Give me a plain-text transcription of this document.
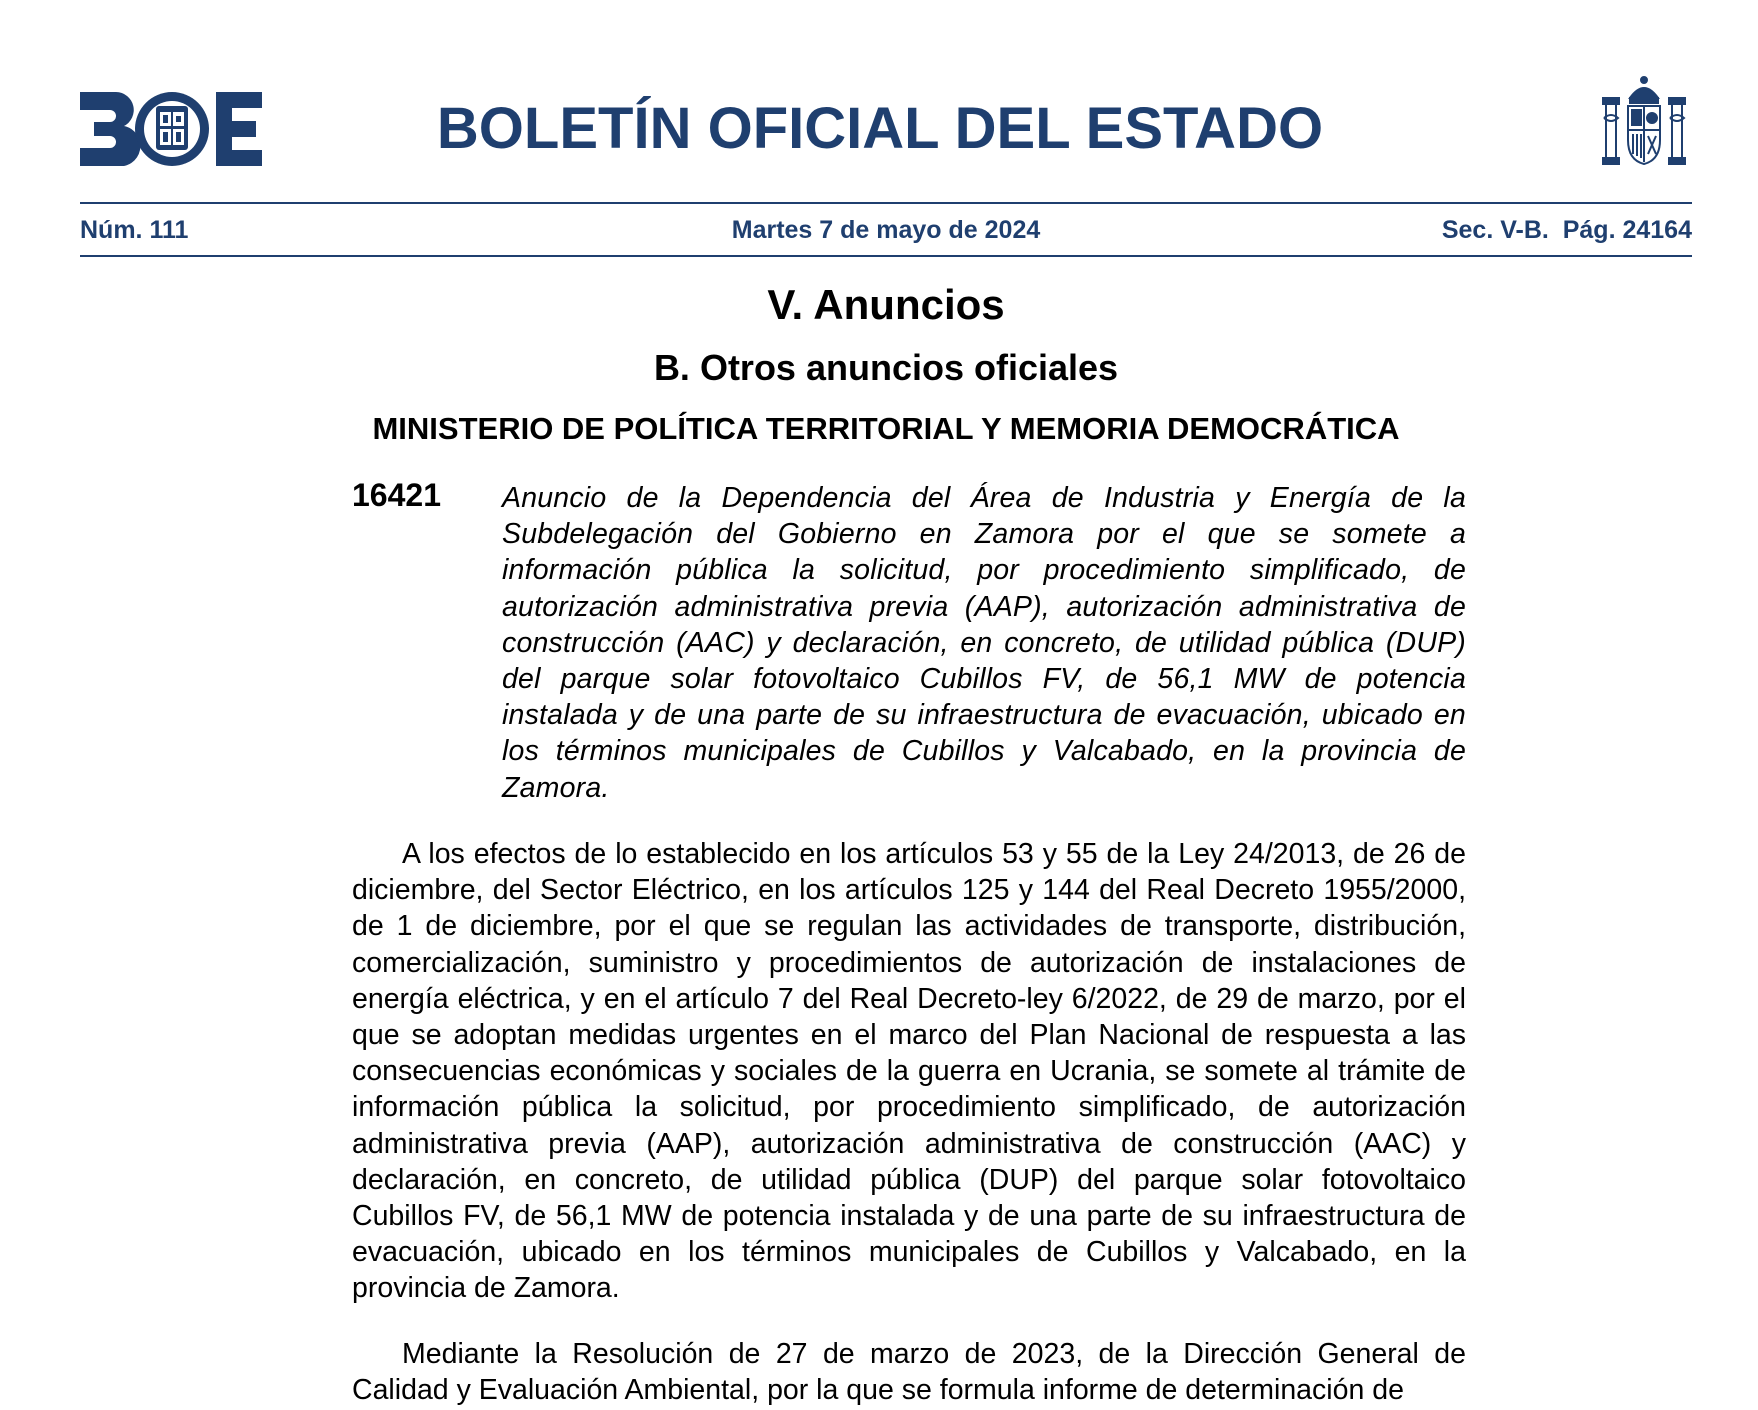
BOLETÍN OFICIAL DEL ESTADO
Martes 7 de mayo de 2024
Núm. 111	Sec. V-B.  Pág. 24164
V. Anuncios
B. Otros anuncios oficiales
MINISTERIO DE POLÍTICA TERRITORIAL Y MEMORIA DEMOCRÁTICA
16421 Anuncio de la Dependencia del Área de Industria y Energía de la Subdelegación del Gobierno en Zamora por el que se somete a información pública la solicitud, por procedimiento simplificado, de autorización administrativa previa (AAP), autorización administrativa de construcción (AAC) y declaración, en concreto, de utilidad pública (DUP) del parque solar fotovoltaico Cubillos FV, de 56,1 MW de potencia instalada y de una parte de su infraestructura de evacuación, ubicado en los términos municipales de Cubillos y Valcabado, en la provincia de Zamora.

A los efectos de lo establecido en los artículos 53 y 55 de la Ley 24/2013, de 26 de diciembre, del Sector Eléctrico, en los artículos 125 y 144 del Real Decreto 1955/2000, de 1 de diciembre, por el que se regulan las actividades de transporte, distribución, comercialización, suministro y procedimientos de autorización de instalaciones de energía eléctrica, y en el artículo 7 del Real Decreto-ley 6/2022, de 29 de marzo, por el que se adoptan medidas urgentes en el marco del Plan Nacional de respuesta a las consecuencias económicas y sociales de la guerra en Ucrania, se somete al trámite de información pública la solicitud, por procedimiento simplificado, de autorización administrativa previa (AAP), autorización administrativa de construcción (AAC) y declaración, en concreto, de utilidad pública (DUP) del parque solar fotovoltaico Cubillos FV, de 56,1 MW de potencia instalada y de una parte de su infraestructura de evacuación, ubicado en los términos municipales de Cubillos y Valcabado, en la provincia de Zamora.

Mediante la Resolución de 27 de marzo de 2023, de la Dirección General de Calidad y Evaluación Ambiental, por la que se formula informe de determinación de
